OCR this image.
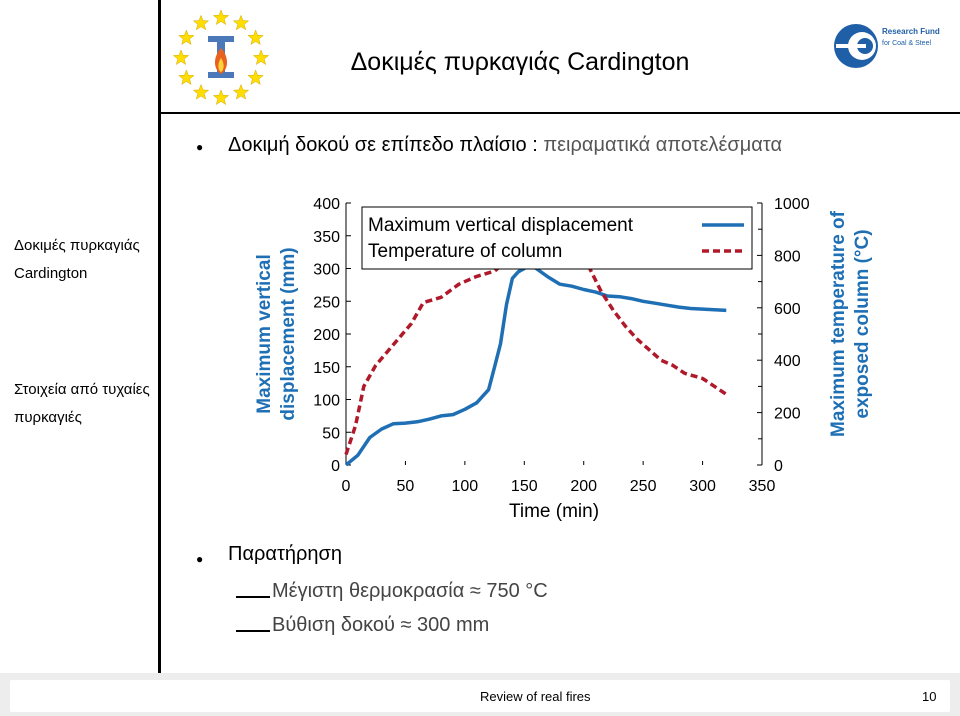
Research Fund
for Coal & Steel
Δοκιμές πυρκαγιάς Cardington
Δοκιμές πυρκαγιάς Cardington
Στοιχεία από τυχαίες πυρκαγιές
● Δοκιμή δοκού σε επίπεδο πλαίσιο : πειραματικά αποτελέσματα
0
50
100
150
200
250
300
350
400
0
200
400
600
800
1000
0	50 100 150 200 250 300 350
Time (min)
Maximum vertical displacement (mm)	Maximum temperature of exposed column (°C)
Maximum vertical displacement
Temperature of column
● Παρατήρηση
Μέγιστη θερμοκρασία ≈ 750 °C
Βύθιση δοκού ≈ 300 mm
Review of real fires	10
